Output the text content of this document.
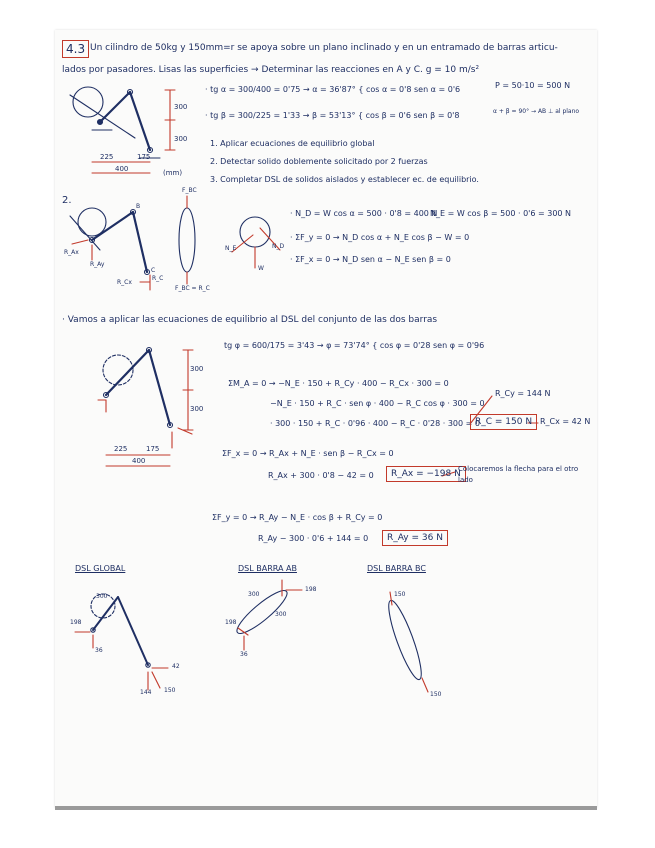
4.3 Un cilindro de 50kg y 150mm=r se apoya sobre un plano inclinado y en un entramado de barras articu-
lados por pasadores. Lisas las superficies → Determinar las reacciones en A y C. g = 10 m/s²
300
300
225	175
400	(mm)
· tg α = 300/400 = 0'75 → α = 36'87° { cos α = 0'8 sen α = 0'6	P = 50·10 = 500 N
· tg β = 300/225 = 1'33 → β = 53'13° { cos β = 0'6 sen β = 0'8	α + β = 90° → AB ⊥ al plano
1. Aplicar ecuaciones de equilibrio global
2. Detectar solido doblemente solicitado por 2 fuerzas
3. Completar DSL de solidos aislados y establecer ec. de equilibrio.
2.
F_BC
F_BC = R_C
B
C
R_Ax
R_Ay
R_Cx
R_C
N_E	N_D
W
· N_D = W cos α = 500 · 0'8 = 400 N
N_E = W cos β = 500 · 0'6 = 300 N
· ΣF_y = 0 → N_D cos α + N_E cos β − W = 0
· ΣF_x = 0 → N_D sen α − N_E sen β = 0
· Vamos a aplicar las ecuaciones de equilibrio al DSL del conjunto de las dos barras
tg φ = 600/175 = 3'43 → φ = 73'74° { cos φ = 0'28 sen φ = 0'96
ΣM_A = 0 → −N_E · 150 + R_Cy · 400 − R_Cx · 300 = 0
−N_E · 150 + R_C · sen φ · 400 − R_C cos φ · 300 = 0
· 300 · 150 + R_C · 0'96 · 400 − R_C · 0'28 · 300 = 0
R_C = 150 N
R_Cy = 144 N
R_Cx = 42 N
ΣF_x = 0 → R_Ax + N_E · sen β − R_Cx = 0
R_Ax + 300 · 0'8 − 42 = 0	R_Ax = −198 N
Colocaremos la flecha para el otro lado
ΣF_y = 0 → R_Ay − N_E · cos β + R_Cy = 0
R_Ay − 300 · 0'6 + 144 = 0	R_Ay = 36 N
300
300
225	175
400
DSL GLOBAL	DSL BARRA AB	DSL BARRA BC
300
198
36
42
150
144
300
198
198
36
300
150
150
